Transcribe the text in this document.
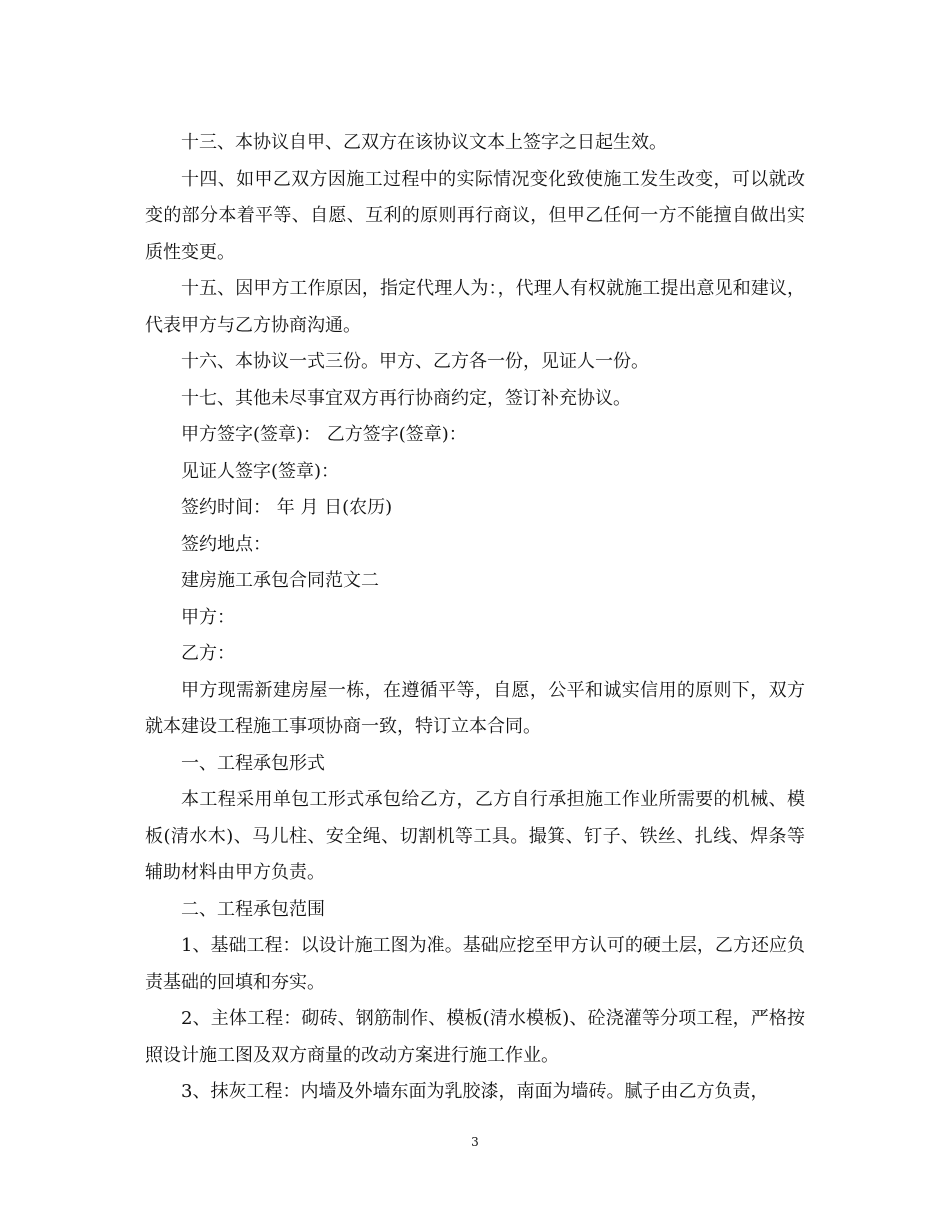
十三、本协议自甲、乙双方在该协议文本上签字之日起生效。

十四、如甲乙双方因施工过程中的实际情况变化致使施工发生改变，可以就改变的部分本着平等、自愿、互利的原则再行商议，但甲乙任何一方不能擅自做出实质性变更。

十五、因甲方工作原因，指定代理人为：，代理人有权就施工提出意见和建议，代表甲方与乙方协商沟通。

十六、本协议一式三份。甲方、乙方各一份，见证人一份。

十七、其他未尽事宜双方再行协商约定，签订补充协议。

甲方签字(签章)： 乙方签字(签章)：

见证人签字(签章)：

签约时间： 年 月 日(农历)

签约地点：

建房施工承包合同范文二

甲方：

乙方：

甲方现需新建房屋一栋，在遵循平等，自愿，公平和诚实信用的原则下，双方就本建设工程施工事项协商一致，特订立本合同。

一、工程承包形式

本工程采用单包工形式承包给乙方，乙方自行承担施工作业所需要的机械、模板(清水木)、马儿柱、安全绳、切割机等工具。撮箕、钉子、铁丝、扎线、焊条等辅助材料由甲方负责。

二、工程承包范围

1、基础工程：以设计施工图为准。基础应挖至甲方认可的硬土层，乙方还应负责基础的回填和夯实。

2、主体工程：砌砖、钢筋制作、模板(清水模板)、砼浇灌等分项工程，严格按照设计施工图及双方商量的改动方案进行施工作业。

3、抹灰工程：内墙及外墙东面为乳胶漆，南面为墙砖。腻子由乙方负责，

3
